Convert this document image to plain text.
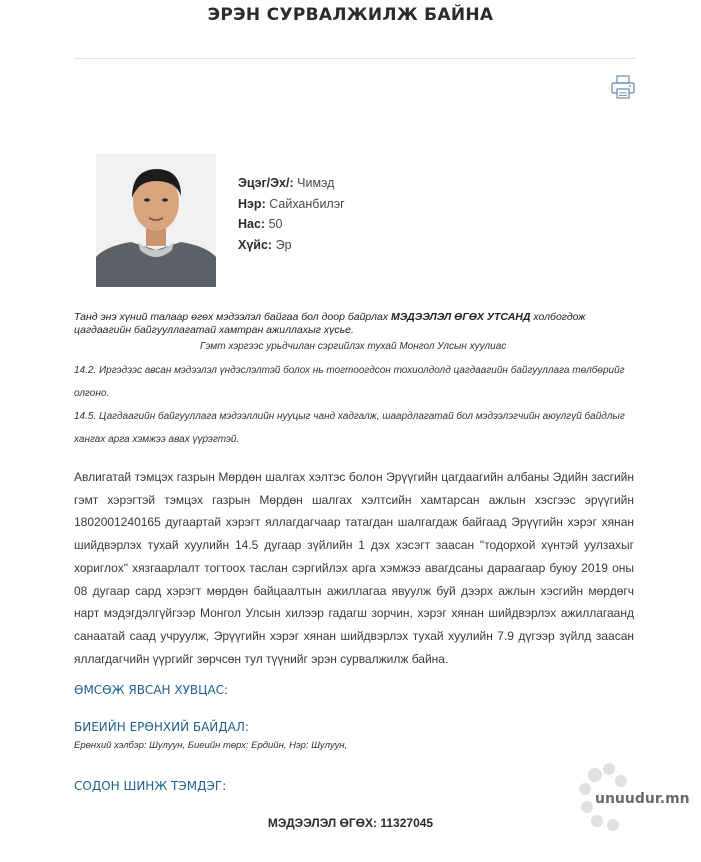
ЭРЭН СУРВАЛЖИЛЖ БАЙНА
Эцэг/Эх/: Чимэд
Нэр: Сайханбилэг
Нас: 50
Хүйс: Эр
Танд энэ хүний талаар өгөх мэдээлэл байгаа бол доор байрлах МЭДЭЭЛЭЛ ӨГӨХ УТСАНД холбогдож цагдаагийн байгууллагатай хамтран ажиллахыг хүсье.
Гэмт хэргээс урьдчилан сэргийлэх тухай Монгол Улсын хуулиас
14.2. Иргэдээс авсан мэдээлэл үндэслэлтэй болох нь тогтоогдсон тохиолдолд цагдаагийн байгууллага төлбөрийг олгоно.
14.5. Цагдаагийн байгууллага мэдээллийн нууцыг чанд хадгалж, шаардлагатай бол мэдээлэгчийн аюулгүй байдлыг хангах арга хэмжээ авах үүрэгтэй.
Авлигатай тэмцэх газрын Мөрдөн шалгах хэлтэс болон Эрүүгийн цагдаагийн албаны Эдийн засгийн гэмт хэрэгтэй тэмцэх газрын Мөрдөн шалгах хэлтсийн хамтарсан ажлын хэсгээс эрүүгийн 1802001240165 дугаартай хэрэгт яллагдагчаар татагдан шалгагдаж байгаад Эрүүгийн хэрэг хянан шийдвэрлэх тухай хуулийн 14.5 дугаар зүйлийн 1 дэх хэсэгт заасан "тодорхой хүнтэй уулзахыг хориглох" хязгаарлалт тогтоох таслан сэргийлэх арга хэмжээ авагдсаны дараагаар буюу 2019 оны 08 дугаар сард хэрэгт мөрдөн байцаалтын ажиллагаа явуулж буй дээрх ажлын хэсгийн мөрдөгч нарт мэдэгдэлгүйгээр Монгол Улсын хилээр гадагш зорчин, хэрэг хянан шийдвэрлэх ажиллагаанд санаатай саад учруулж, Эрүүгийн хэрэг хянан шийдвэрлэх тухай хуулийн 7.9 дүгээр зүйлд заасан яллагдагчийн үүргийг зөрчсөн тул түүнийг эрэн сурвалжилж байна.
ӨМСӨЖ ЯВСАН ХУВЦАС:
БИЕИЙН ЕРӨНХИЙ БАЙДАЛ:
Ерөнхий хэлбэр: Шулуун, Биеийн төрх: Ердийн, Нэр: Шулуун,
СОДОН ШИНЖ ТЭМДЭГ:
МЭДЭЭЛЭЛ ӨГӨХ: 11327045
unuudur.mn
